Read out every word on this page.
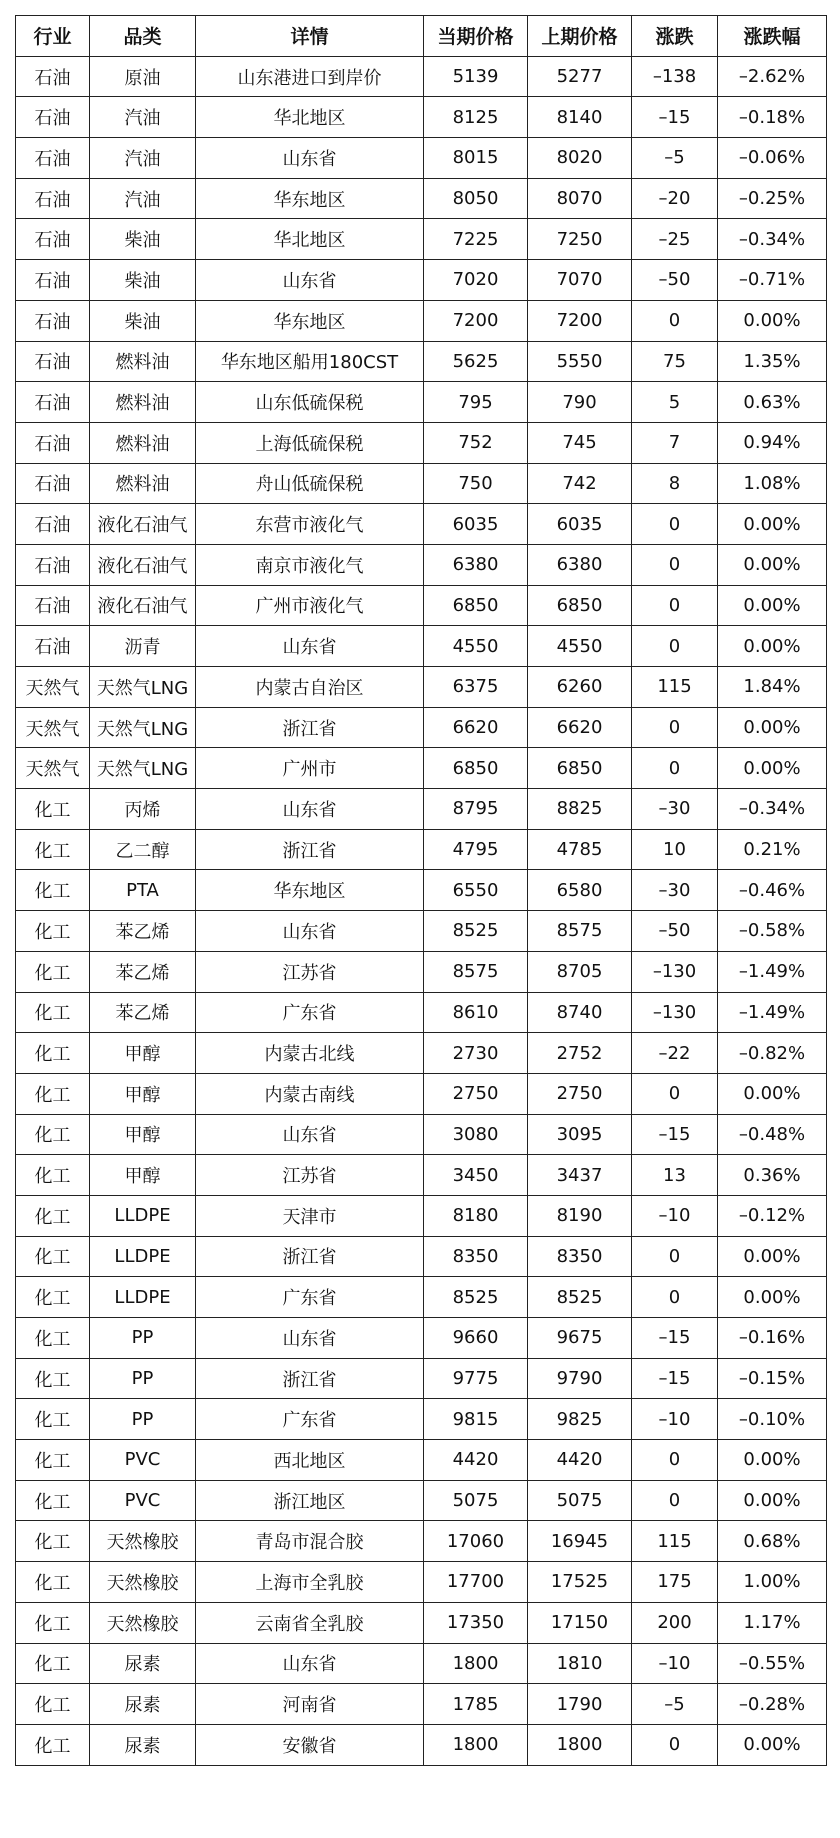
行业	品类	详情	当期价格	上期价格	涨跌	涨跌幅
石油	原油	山东港进口到岸价	5139	5277	–138	–2.62%
石油	汽油	华北地区	8125	8140	–15	–0.18%
石油	汽油	山东省	8015	8020	–5	–0.06%
石油	汽油	华东地区	8050	8070	–20	–0.25%
石油	柴油	华北地区	7225	7250	–25	–0.34%
石油	柴油	山东省	7020	7070	–50	–0.71%
石油	柴油	华东地区	7200	7200	0	0.00%
石油	燃料油	华东地区船用180CST	5625	5550	75	1.35%
石油	燃料油	山东低硫保税	795	790	5	0.63%
石油	燃料油	上海低硫保税	752	745	7	0.94%
石油	燃料油	舟山低硫保税	750	742	8	1.08%
石油	液化石油气	东营市液化气	6035	6035	0	0.00%
石油	液化石油气	南京市液化气	6380	6380	0	0.00%
石油	液化石油气	广州市液化气	6850	6850	0	0.00%
石油	沥青	山东省	4550	4550	0	0.00%
天然气	天然气LNG	内蒙古自治区	6375	6260	115	1.84%
天然气	天然气LNG	浙江省	6620	6620	0	0.00%
天然气	天然气LNG	广州市	6850	6850	0	0.00%
化工	丙烯	山东省	8795	8825	–30	–0.34%
化工	乙二醇	浙江省	4795	4785	10	0.21%
化工	PTA	华东地区	6550	6580	–30	–0.46%
化工	苯乙烯	山东省	8525	8575	–50	–0.58%
化工	苯乙烯	江苏省	8575	8705	–130	–1.49%
化工	苯乙烯	广东省	8610	8740	–130	–1.49%
化工	甲醇	内蒙古北线	2730	2752	–22	–0.82%
化工	甲醇	内蒙古南线	2750	2750	0	0.00%
化工	甲醇	山东省	3080	3095	–15	–0.48%
化工	甲醇	江苏省	3450	3437	13	0.36%
化工	LLDPE	天津市	8180	8190	–10	–0.12%
化工	LLDPE	浙江省	8350	8350	0	0.00%
化工	LLDPE	广东省	8525	8525	0	0.00%
化工	PP	山东省	9660	9675	–15	–0.16%
化工	PP	浙江省	9775	9790	–15	–0.15%
化工	PP	广东省	9815	9825	–10	–0.10%
化工	PVC	西北地区	4420	4420	0	0.00%
化工	PVC	浙江地区	5075	5075	0	0.00%
化工	天然橡胶	青岛市混合胶	17060	16945	115	0.68%
化工	天然橡胶	上海市全乳胶	17700	17525	175	1.00%
化工	天然橡胶	云南省全乳胶	17350	17150	200	1.17%
化工	尿素	山东省	1800	1810	–10	–0.55%
化工	尿素	河南省	1785	1790	–5	–0.28%
化工	尿素	安徽省	1800	1800	0	0.00%
